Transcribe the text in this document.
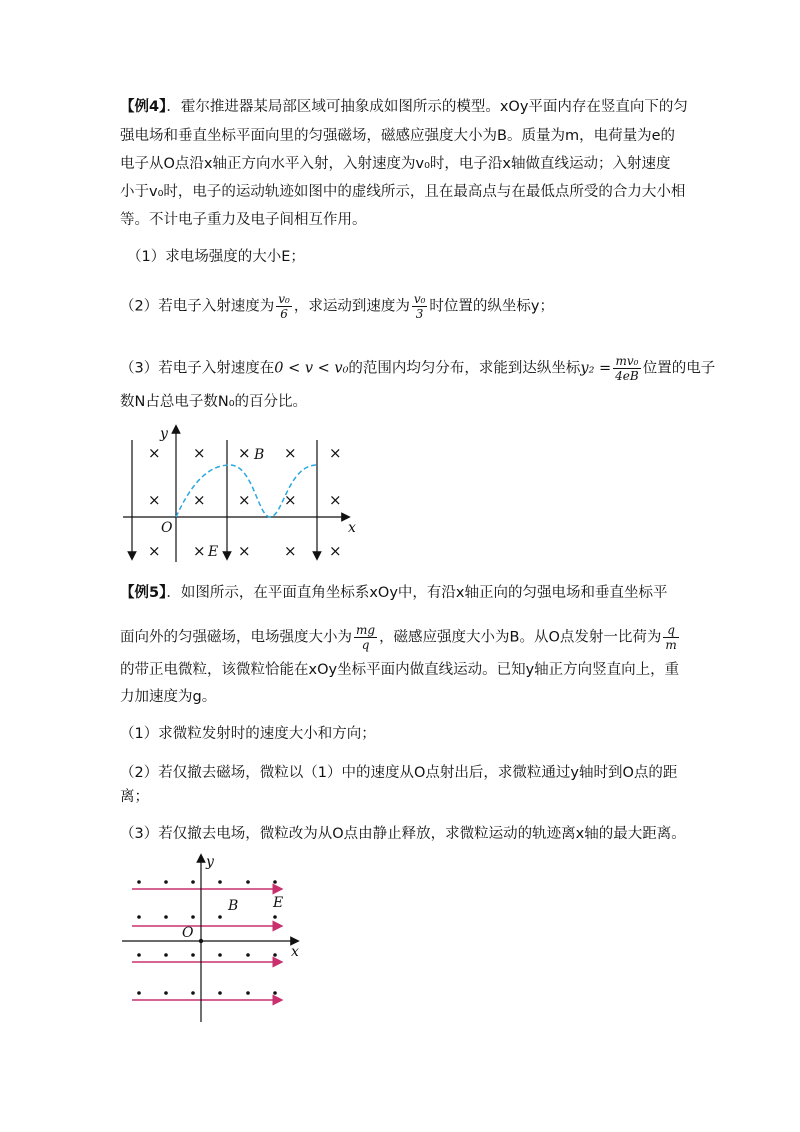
【例4】．霍尔推进器某局部区域可抽象成如图所示的模型。xOy平面内存在竖直向下的匀
强电场和垂直坐标平面向里的匀强磁场，磁感应强度大小为B。质量为m，电荷量为e的
电子从O点沿x轴正方向水平入射，入射速度为v₀时，电子沿x轴做直线运动；入射速度
小于v₀时，电子的运动轨迹如图中的虚线所示，且在最高点与在最低点所受的合力大小相
等。不计电子重力及电子间相互作用。
（1）求电场强度的大小E；
（2）若电子入射速度为 $\frac{\text{v₀}}{6}$ ，求运动到速度为 $\frac{\text{v₀}}{3}$ 时位置的纵坐标y；
（3）若电子入射速度在0 < v < v₀的范围内均匀分布，求能到达纵坐标$y_2 = \frac{\text{mv₀}}{4eB}$ 位置的电子
数N占总电子数N₀的百分比。
× × × × ×
× × × × ×
× × × × ×
y
x
O
B
E
【例5】．如图所示，在平面直角坐标系xOy中，有沿x轴正向的匀强电场和垂直坐标平
面向外的匀强磁场，电场强度大小为 $\frac{mg}{q}$ ，磁感应强度大小为B。从O点发射一比荷为 $\frac{q}{m}$
的带正电微粒，该微粒恰能在xOy坐标平面内做直线运动。已知y轴正方向竖直向上，重
力加速度为g。
（1）求微粒发射时的速度大小和方向；
（2）若仅撤去磁场，微粒以（1）中的速度从O点射出后，求微粒通过y轴时到O点的距
离；
（3）若仅撤去电场，微粒改为从O点由静止释放，求微粒运动的轨迹离x轴的最大距离。
y
x
O
B E
